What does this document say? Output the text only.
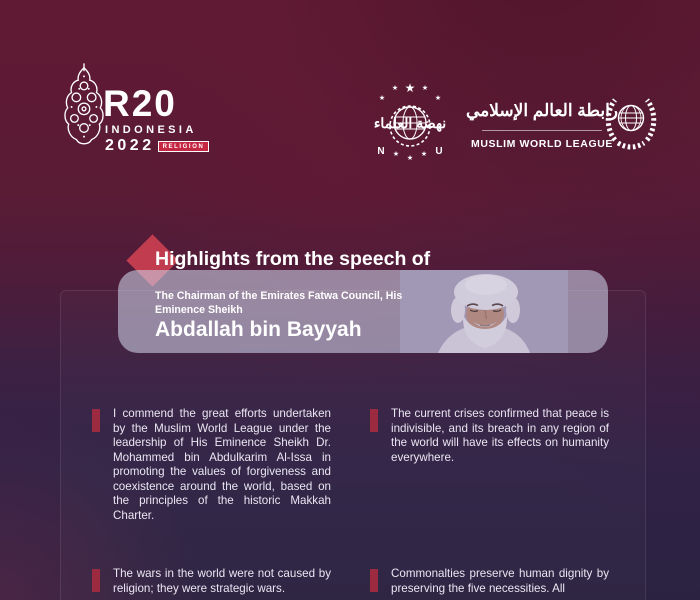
R20
INDONESIA
2022	RELIGION
★
★	★
★	★
★	★
★
نهضة العلماء
N	U
رابطة العالم الإسلامي
MUSLIM WORLD LEAGUE
Highlights from the speech of
The Chairman of the Emirates Fatwa Council, His Eminence Sheikh
Abdallah bin Bayyah
I commend the great efforts undertaken by the Muslim World League under the leadership of His Eminence Sheikh Dr. Mohammed bin Abdulkarim Al-Issa in promoting the values of forgiveness and coexistence around the world, based on the principles of the historic Makkah Charter.
The current crises confirmed that peace is indivisible, and its breach in any region of the world will have its effects on humanity everywhere.
The wars in the world were not caused by religion; they were strategic wars.
Commonalties preserve human dignity by preserving the five necessities. All
